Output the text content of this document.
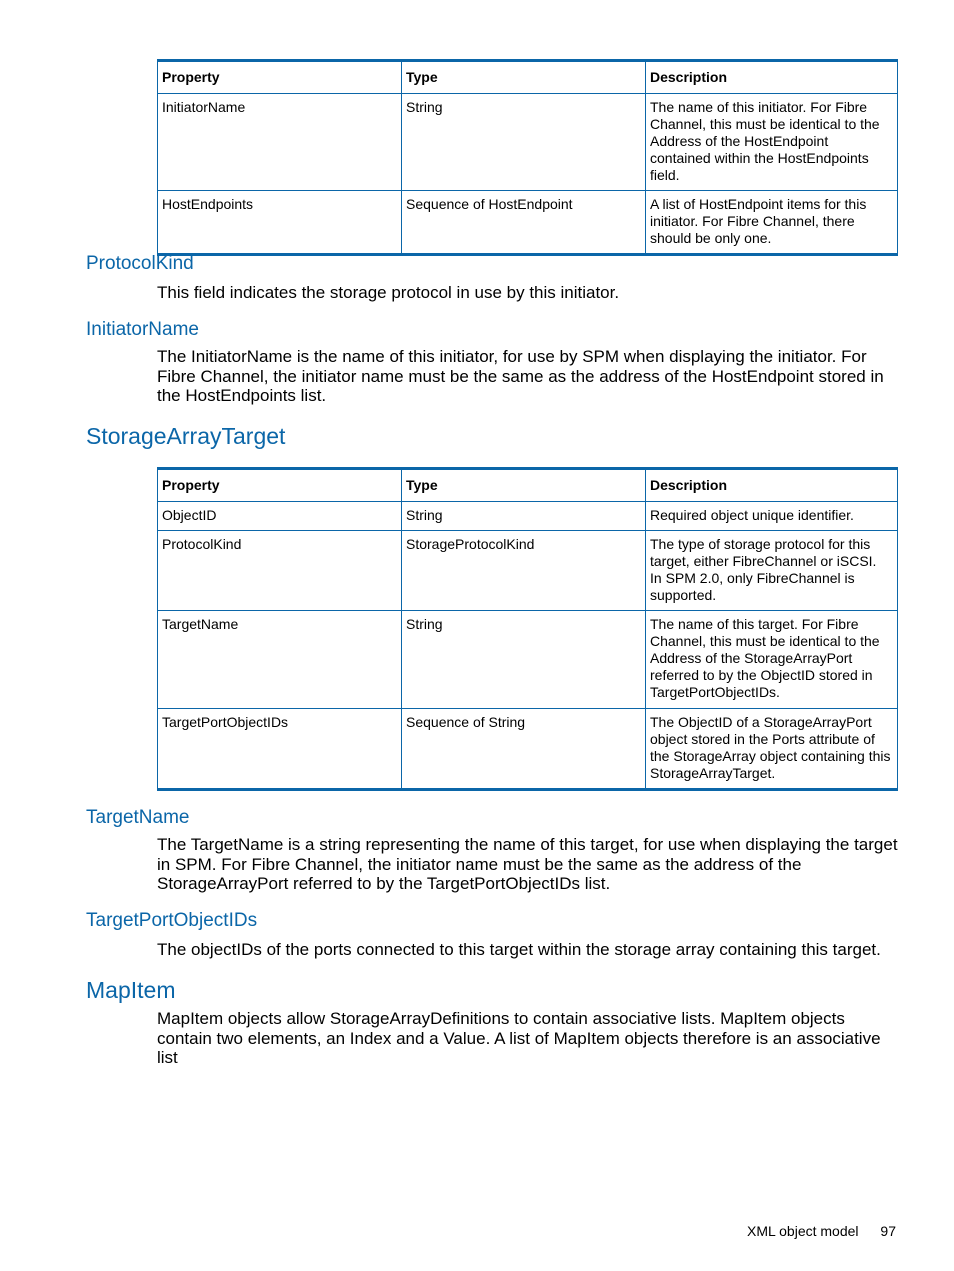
Property	Type	Description
InitiatorName	String	The name of this initiator. For Fibre Channel, this must be identical to the Address of the HostEndpoint contained within the HostEndpoints field.
HostEndpoints	Sequence of HostEndpoint	A list of HostEndpoint items for this initiator. For Fibre Channel, there should be only one.
ProtocolKind

This field indicates the storage protocol in use by this initiator.

InitiatorName

The InitiatorName is the name of this initiator, for use by SPM when displaying the initiator. For Fibre Channel, the initiator name must be the same as the address of the HostEndpoint stored in the HostEndpoints list.

StorageArrayTarget
Property	Type	Description
ObjectID	String	Required object unique identifier.
ProtocolKind	StorageProtocolKind	The type of storage protocol for this target, either FibreChannel or iSCSI. In SPM 2.0, only FibreChannel is supported.
TargetName	String	The name of this target. For Fibre Channel, this must be identical to the Address of the StorageArrayPort referred to by the ObjectID stored in TargetPortObjectIDs.
TargetPortObjectIDs	Sequence of String	The ObjectID of a StorageArrayPort object stored in the Ports attribute of the StorageArray object containing this StorageArrayTarget.
TargetName

The TargetName is a string representing the name of this target, for use when displaying the target in SPM. For Fibre Channel, the initiator name must be the same as the address of the StorageArrayPort referred to by the TargetPortObjectIDs list.

TargetPortObjectIDs

The objectIDs of the ports connected to this target within the storage array containing this target.

MapItem

MapItem objects allow StorageArrayDefinitions to contain associative lists. MapItem objects contain two elements, an Index and a Value. A list of MapItem objects therefore is an associative list

XML object model 97
